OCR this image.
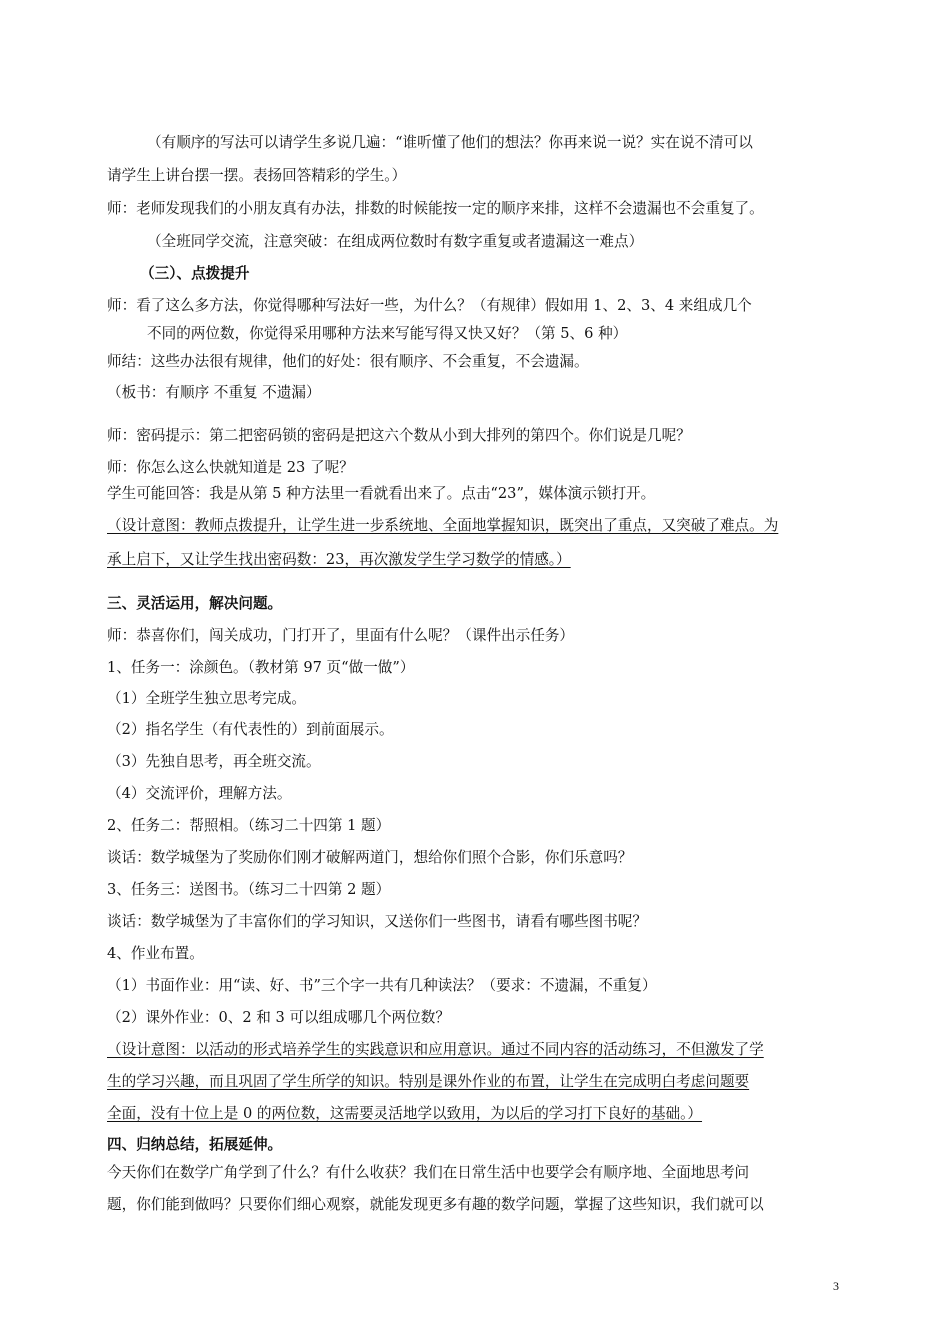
（有顺序的写法可以请学生多说几遍：“谁听懂了他们的想法？你再来说一说？实在说不清可以
请学生上讲台摆一摆。表扬回答精彩的学生。）
师：老师发现我们的小朋友真有办法，排数的时候能按一定的顺序来排，这样不会遗漏也不会重复了。
（全班同学交流，注意突破：在组成两位数时有数字重复或者遗漏这一难点）
（三）、点拨提升
师：看了这么多方法，你觉得哪种写法好一些，为什么？（有规律）假如用 1、2、3、4 来组成几个
不同的两位数，你觉得采用哪种方法来写能写得又快又好？（第 5、6 种）
师结：这些办法很有规律，他们的好处：很有顺序、不会重复，不会遗漏。
（板书：有顺序 不重复 不遗漏）
师：密码提示：第二把密码锁的密码是把这六个数从小到大排列的第四个。你们说是几呢？
师：你怎么这么快就知道是 23 了呢？
学生可能回答：我是从第 5 种方法里一看就看出来了。点击“23”，媒体演示锁打开。
（设计意图：教师点拨提升，让学生进一步系统地、全面地掌握知识，既突出了重点，又突破了难点。为
承上启下，又让学生找出密码数：23，再次激发学生学习数学的情感。）
三、灵活运用，解决问题。
师：恭喜你们，闯关成功，门打开了，里面有什么呢？（课件出示任务）
1、任务一：涂颜色。（教材第 97 页“做一做”）
（1）全班学生独立思考完成。
（2）指名学生（有代表性的）到前面展示。
（3）先独自思考，再全班交流。
（4）交流评价，理解方法。
2、任务二：帮照相。（练习二十四第 1 题）
谈话：数学城堡为了奖励你们刚才破解两道门，想给你们照个合影，你们乐意吗？
3、任务三：送图书。（练习二十四第 2 题）
谈话：数学城堡为了丰富你们的学习知识，又送你们一些图书，请看有哪些图书呢？
4、作业布置。
（1）书面作业：用“读、好、书”三个字一共有几种读法？（要求：不遗漏，不重复）
（2）课外作业：0、2 和 3 可以组成哪几个两位数？
（设计意图：以活动的形式培养学生的实践意识和应用意识。通过不同内容的活动练习，不但激发了学
生的学习兴趣，而且巩固了学生所学的知识。特别是课外作业的布置，让学生在完成明白考虑问题要
全面，没有十位上是 0 的两位数，这需要灵活地学以致用，为以后的学习打下良好的基础。）
四、归纳总结，拓展延伸。
今天你们在数学广角学到了什么？有什么收获？我们在日常生活中也要学会有顺序地、全面地思考问
题，你们能到做吗？只要你们细心观察，就能发现更多有趣的数学问题，掌握了这些知识，我们就可以
3
